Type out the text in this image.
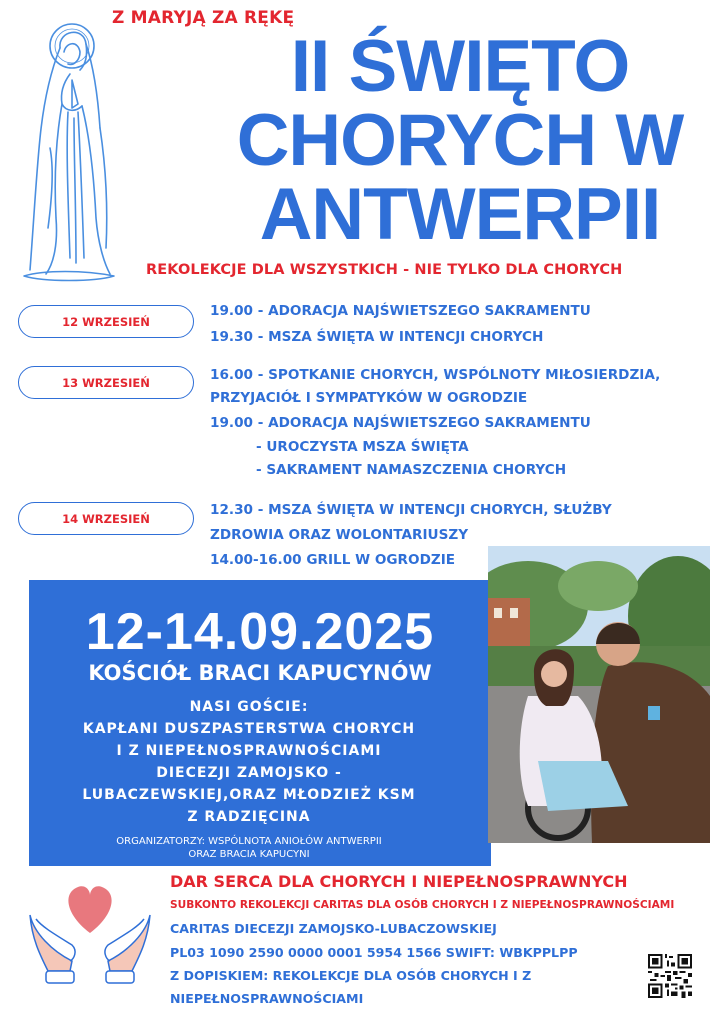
Z MARYJĄ ZA RĘKĘ
II ŚWIĘTO
CHORYCH W
ANTWERPII
REKOLEKCJE DLA WSZYSTKICH - NIE TYLKO DLA CHORYCH
12 WRZESIEŃ
19.00 - ADORACJA NAJŚWIETSZEGO SAKRAMENTU
19.30 - MSZA ŚWIĘTA W INTENCJI CHORYCH
13 WRZESIEŃ	16.00 - SPOTKANIE CHORYCH, WSPÓLNOTY MIŁOSIERDZIA,
PRZYJACIÓŁ I SYMPATYKÓW W OGRODZIE
19.00 - ADORACJA NAJŚWIETSZEGO SAKRAMENTU
- UROCZYSTA MSZA ŚWIĘTA
- SAKRAMENT NAMASZCZENIA CHORYCH
14 WRZESIEŃ
12.30 - MSZA ŚWIĘTA W INTENCJI CHORYCH, SŁUŻBY
ZDROWIA ORAZ WOLONTARIUSZY
14.00-16.00 GRILL W OGRODZIE
12-14.09.2025
KOŚCIÓŁ BRACI KAPUCYNÓW
NASI GOŚCIE:
KAPŁANI DUSZPASTERSTWA CHORYCH
I Z NIEPEŁNOSPRAWNOŚCIAMI
DIECEZJI ZAMOJSKO -
LUBACZEWSKIEJ,ORAZ MŁODZIEŻ KSM
Z RADZIĘCINA
ORGANIZATORZY: WSPÓLNOTA ANIOŁÓW ANTWERPII
ORAZ BRACIA KAPUCYNI
DAR SERCA DLA CHORYCH I NIEPEŁNOSPRAWNYCH
SUBKONTO REKOLEKCJI CARITAS DLA OSÓB CHORYCH I Z NIEPEŁNOSPRAWNOŚCIAMI
CARITAS DIECEZJI ZAMOJSKO-LUBACZOWSKIEJ
PL03 1090 2590 0000 0001 5954 1566 SWIFT: WBKPPLPP
Z DOPISKIEM: REKOLEKCJE DLA OSÓB CHORYCH I Z
NIEPEŁNOSPRAWNOŚCIAMI
